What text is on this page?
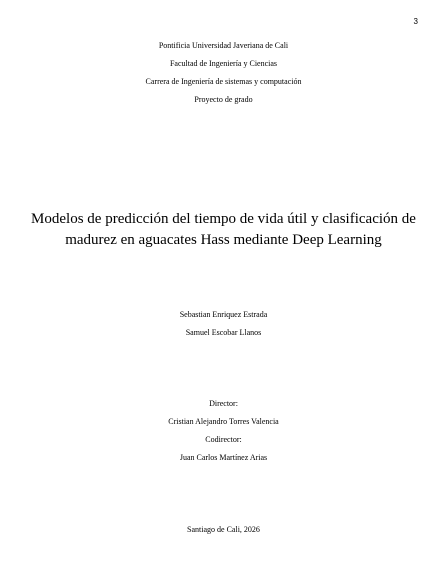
3
Pontificia Universidad Javeriana de Cali
Facultad de Ingeniería y Ciencias
Carrera de Ingeniería de sistemas y computación
Proyecto de grado
Modelos de predicción del tiempo de vida útil y clasificación de
madurez en aguacates Hass mediante Deep Learning
Sebastian Enriquez Estrada
Samuel Escobar Llanos
Director:
Cristian Alejandro Torres Valencia
Codirector:
Juan Carlos Martínez Arias
Santiago de Cali, 2026
